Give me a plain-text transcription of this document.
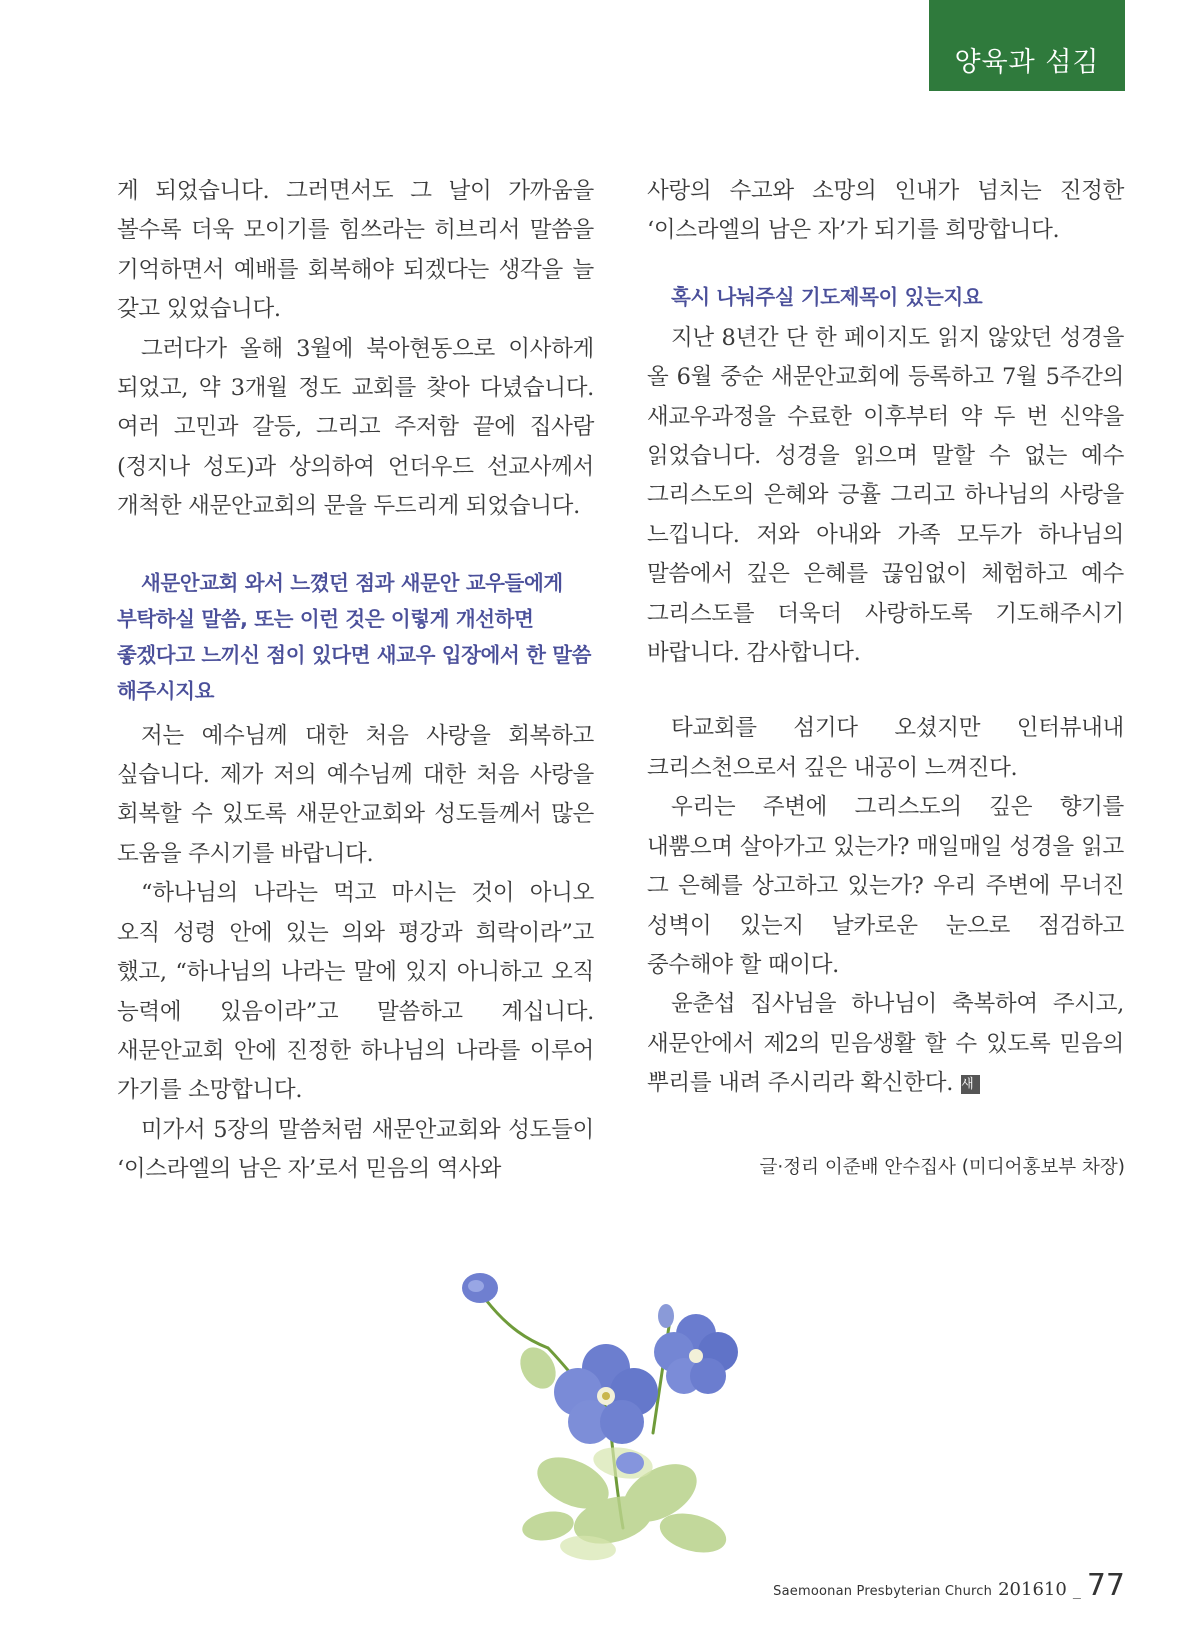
양육과 섬김

게 되었습니다. 그러면서도 그 날이 가까움을 볼수록 더욱 모이기를 힘쓰라는 히브리서 말씀을 기억하면서 예배를 회복해야 되겠다는 생각을 늘 갖고 있었습니다.

그러다가 올해 3월에 북아현동으로 이사하게 되었고, 약 3개월 정도 교회를 찾아 다녔습니다. 여러 고민과 갈등, 그리고 주저함 끝에 집사람(정지나 성도)과 상의하여 언더우드 선교사께서 개척한 새문안교회의 문을 두드리게 되었습니다.

새문안교회 와서 느꼈던 점과 새문안 교우들에게 부탁하실 말씀, 또는 이런 것은 이렇게 개선하면 좋겠다고 느끼신 점이 있다면 새교우 입장에서 한 말씀 해주시지요

저는 예수님께 대한 처음 사랑을 회복하고 싶습니다. 제가 저의 예수님께 대한 처음 사랑을 회복할 수 있도록 새문안교회와 성도들께서 많은 도움을 주시기를 바랍니다.

“하나님의 나라는 먹고 마시는 것이 아니오 오직 성령 안에 있는 의와 평강과 희락이라”고 했고, “하나님의 나라는 말에 있지 아니하고 오직 능력에 있음이라”고 말씀하고 계십니다. 새문안교회 안에 진정한 하나님의 나라를 이루어 가기를 소망합니다.

미가서 5장의 말씀처럼 새문안교회와 성도들이 ‘이스라엘의 남은 자’로서 믿음의 역사와

사랑의 수고와 소망의 인내가 넘치는 진정한 ‘이스라엘의 남은 자’가 되기를 희망합니다.

혹시 나눠주실 기도제목이 있는지요

지난 8년간 단 한 페이지도 읽지 않았던 성경을 올 6월 중순 새문안교회에 등록하고 7월 5주간의 새교우과정을 수료한 이후부터 약 두 번 신약을 읽었습니다. 성경을 읽으며 말할 수 없는 예수 그리스도의 은혜와 긍휼 그리고 하나님의 사랑을 느낍니다. 저와 아내와 가족 모두가 하나님의 말씀에서 깊은 은혜를 끊임없이 체험하고 예수 그리스도를 더욱더 사랑하도록 기도해주시기 바랍니다. 감사합니다.

타교회를 섬기다 오셨지만 인터뷰내내 크리스천으로서 깊은 내공이 느껴진다.

우리는 주변에 그리스도의 깊은 향기를 내뿜으며 살아가고 있는가? 매일매일 성경을 읽고 그 은혜를 상고하고 있는가? 우리 주변에 무너진 성벽이 있는지 날카로운 눈으로 점검하고 중수해야 할 때이다.

윤춘섭 집사님을 하나님이 축복하여 주시고, 새문안에서 제2의 믿음생활 할 수 있도록 믿음의 뿌리를 내려 주시리라 확신한다. 새

글·정리 이준배 안수집사 (미디어홍보부 차장)
Saemoonan Presbyterian Church 201610 _ 77
